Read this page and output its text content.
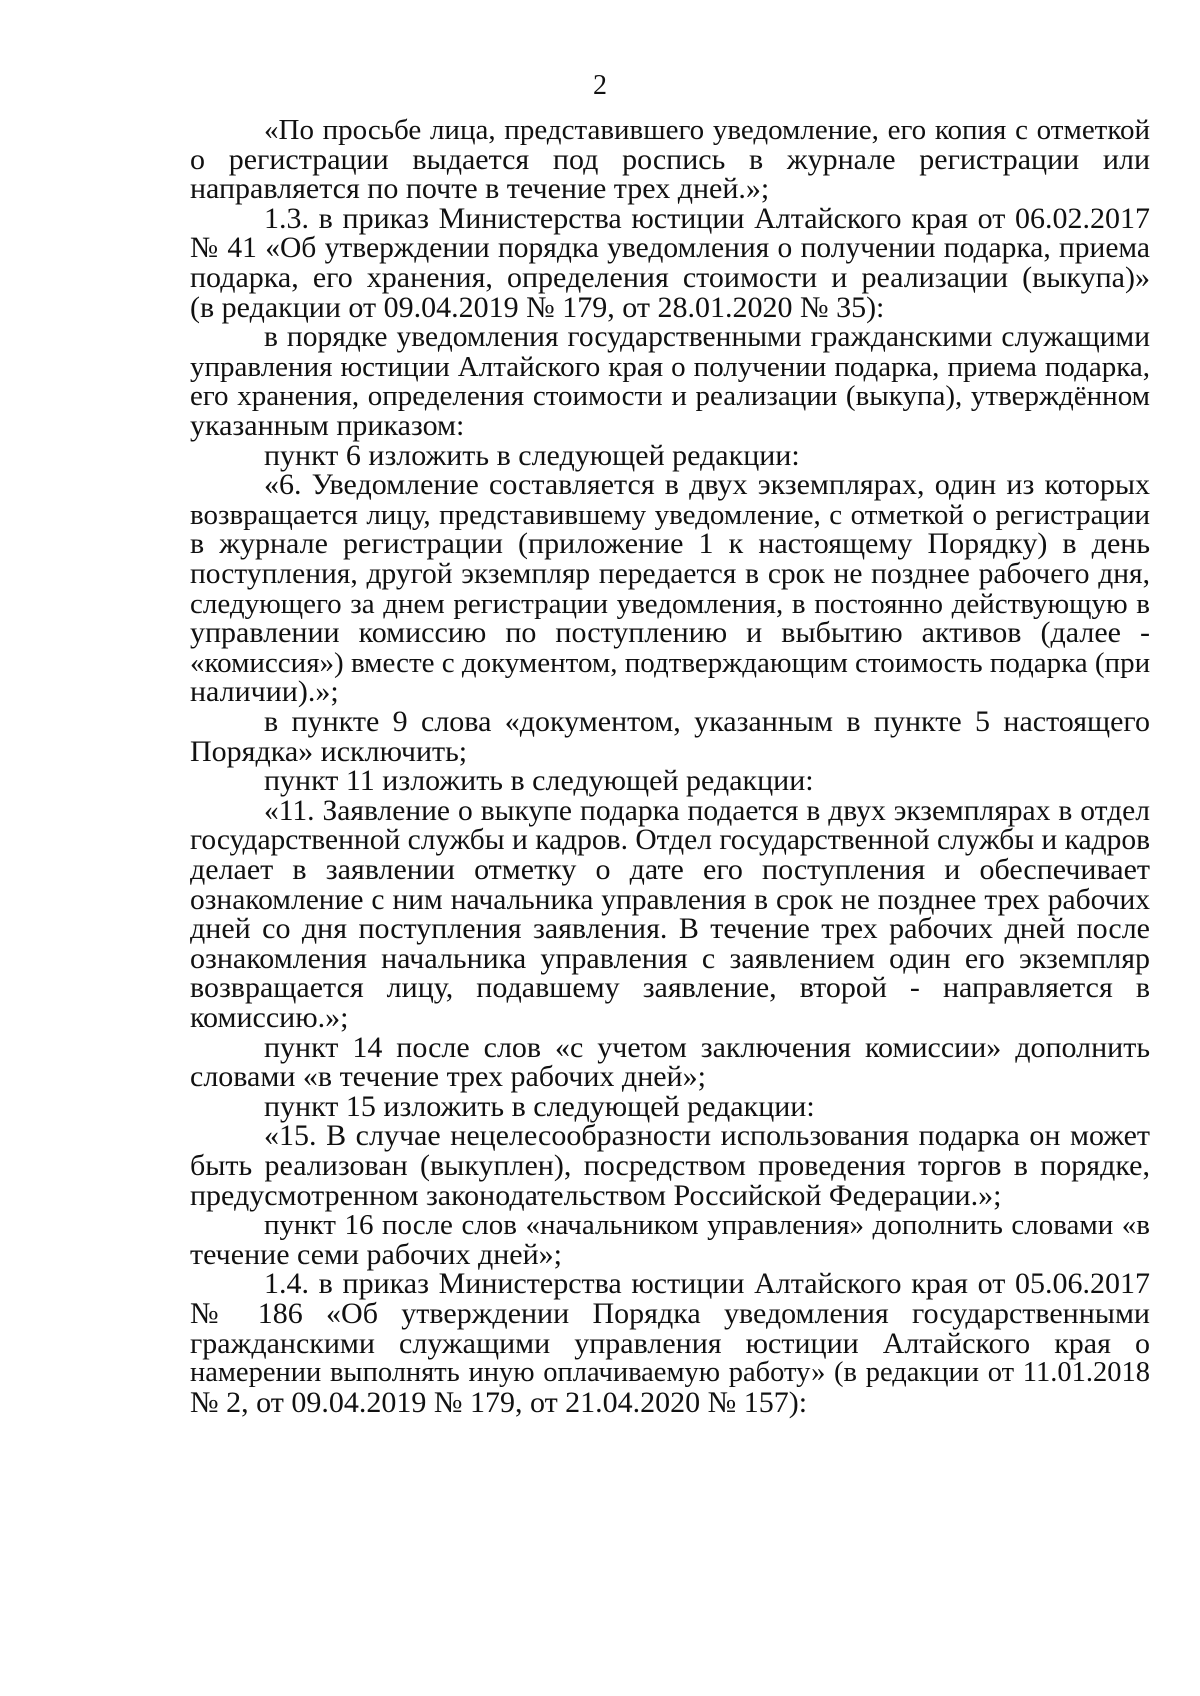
2
«По просьбе лица, представившего уведомление, его копия с отметкой
о регистрации выдается под роспись в журнале регистрации или
направляется по почте в течение трех дней.»;
1.3. в приказ Министерства юстиции Алтайского края от 06.02.2017
№ 41 «Об утверждении порядка уведомления о получении подарка, приема
подарка, его хранения, определения стоимости и реализации (выкупа)»
(в редакции от 09.04.2019 № 179, от 28.01.2020 № 35):
в порядке уведомления государственными гражданскими служащими
управления юстиции Алтайского края о получении подарка, приема подарка,
его хранения, определения стоимости и реализации (выкупа), утверждённом
указанным приказом:
пункт 6 изложить в следующей редакции:
«6. Уведомление составляется в двух экземплярах, один из которых
возвращается лицу, представившему уведомление, с отметкой о регистрации
в журнале регистрации (приложение 1 к настоящему Порядку) в день
поступления, другой экземпляр передается в срок не позднее рабочего дня,
следующего за днем регистрации уведомления, в постоянно действующую в
управлении комиссию по поступлению и выбытию активов (далее -
«комиссия») вместе с документом, подтверждающим стоимость подарка (при
наличии).»;
в пункте 9 слова «документом, указанным в пункте 5 настоящего
Порядка» исключить;
пункт 11 изложить в следующей редакции:
«11. Заявление о выкупе подарка подается в двух экземплярах в отдел
государственной службы и кадров. Отдел государственной службы и кадров
делает в заявлении отметку о дате его поступления и обеспечивает
ознакомление с ним начальника управления в срок не позднее трех рабочих
дней со дня поступления заявления. В течение трех рабочих дней после
ознакомления начальника управления с заявлением один его экземпляр
возвращается лицу, подавшему заявление, второй - направляется в
комиссию.»;
пункт 14 после слов «с учетом заключения комиссии» дополнить
словами «в течение трех рабочих дней»;
пункт 15 изложить в следующей редакции:
«15. В случае нецелесообразности использования подарка он может
быть реализован (выкуплен), посредством проведения торгов в порядке,
предусмотренном законодательством Российской Федерации.»;
пункт 16 после слов «начальником управления» дополнить словами «в
течение семи рабочих дней»;
1.4. в приказ Министерства юстиции Алтайского края от 05.06.2017
№ 186 «Об утверждении Порядка уведомления государственными
гражданскими служащими управления юстиции Алтайского края о
намерении выполнять иную оплачиваемую работу» (в редакции от 11.01.2018
№ 2, от 09.04.2019 № 179, от 21.04.2020 № 157):
